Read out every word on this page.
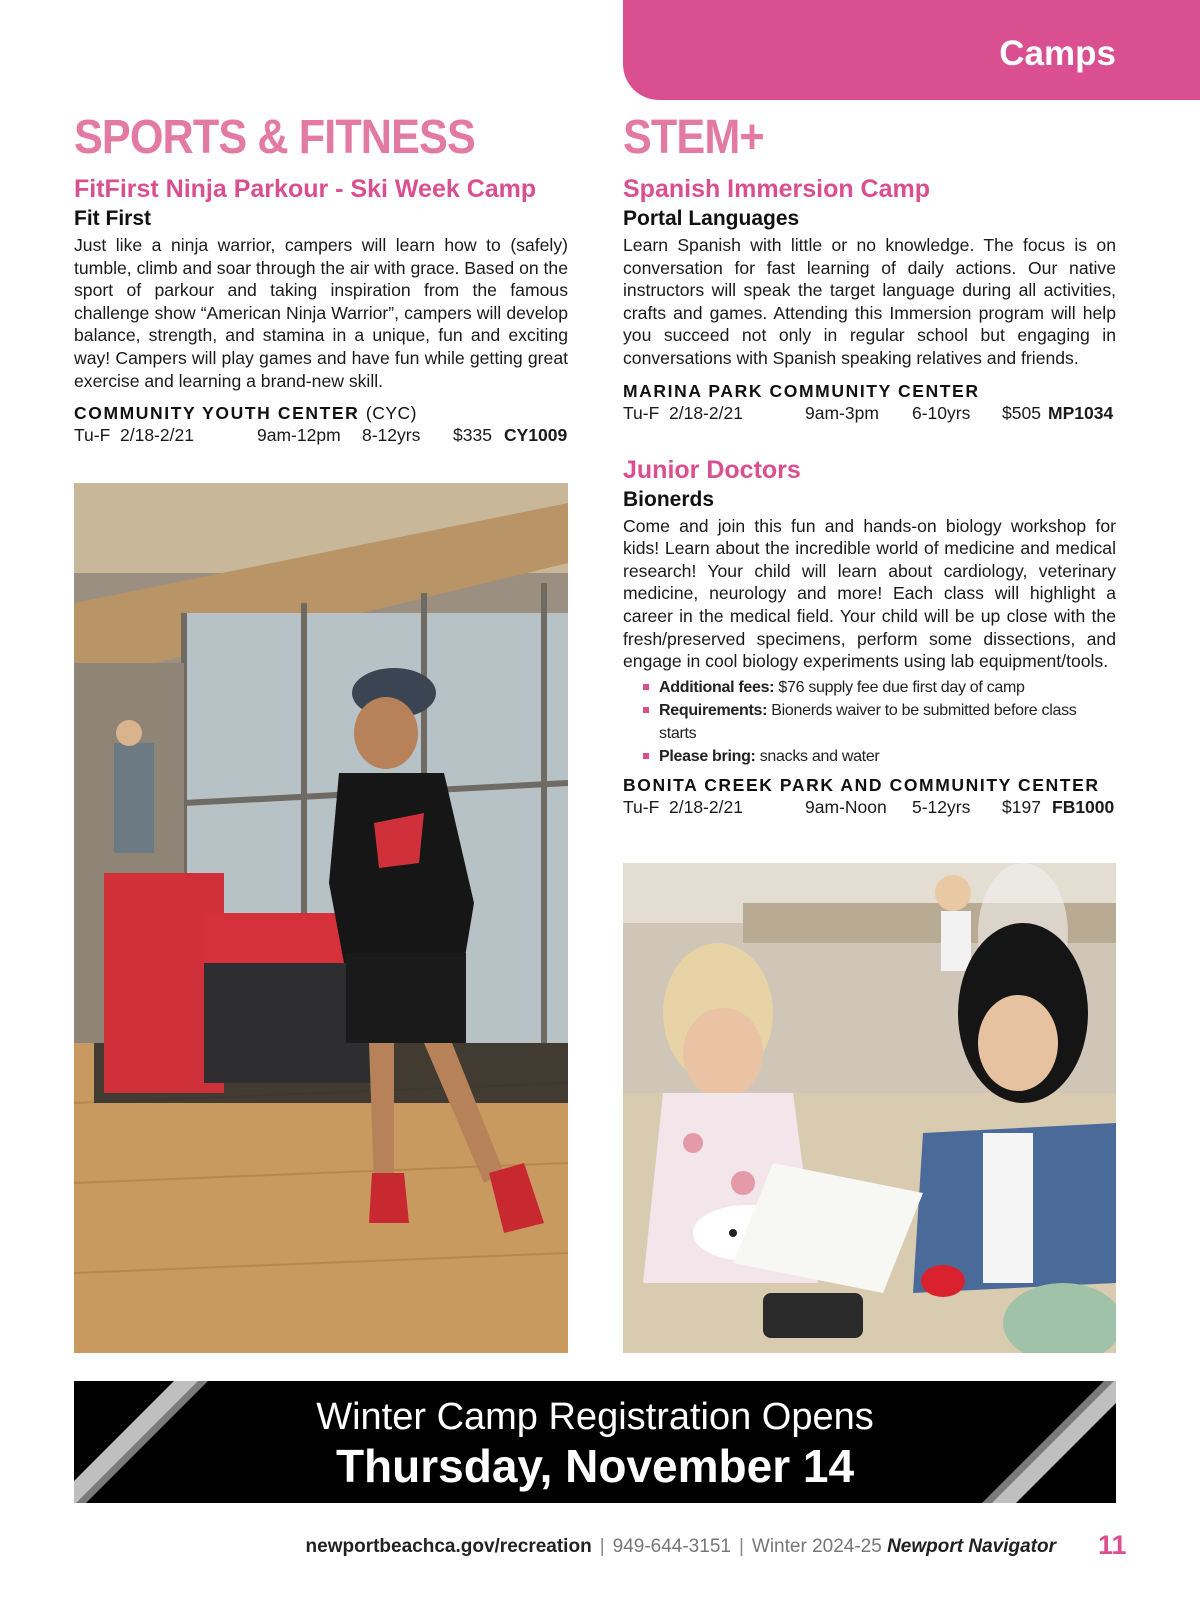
Camps
SPORTS & FITNESS
FitFirst Ninja Parkour - Ski Week Camp
Fit First
Just like a ninja warrior, campers will learn how to (safely) tumble, climb and soar through the air with grace. Based on the sport of parkour and taking inspiration from the famous challenge show “American Ninja Warrior”, campers will develop balance, strength, and stamina in a unique, fun and exciting way! Campers will play games and have fun while getting great exercise and learning a brand-new skill.
COMMUNITY YOUTH CENTER (CYC)
Tu-F 2/18-2/21	9am-12pm 8-12yrs $335 CY1009
STEM+
Spanish Immersion Camp
Portal Languages
Learn Spanish with little or no knowledge. The focus is on conversation for fast learning of daily actions. Our native instructors will speak the target language during all activities, crafts and games. Attending this Immersion program will help you succeed not only in regular school but engaging in conversations with Spanish speaking relatives and friends.
MARINA PARK COMMUNITY CENTER
Tu-F 2/18-2/21	9am-3pm 6-10yrs $505 MP1034
Junior Doctors
Bionerds
Come and join this fun and hands-on biology workshop for kids! Learn about the incredible world of medicine and medical research! Your child will learn about cardiology, veterinary medicine, neurology and more! Each class will highlight a career in the medical field. Your child will be up close with the fresh/preserved specimens, perform some dissections, and engage in cool biology experiments using lab equipment/tools.
Additional fees: $76 supply fee due first day of camp
Requirements: Bionerds waiver to be submitted before class starts
Please bring: snacks and water
BONITA CREEK PARK AND COMMUNITY CENTER
Tu-F 2/18-2/21	9am-Noon 5-12yrs $197 FB1000
Winter Camp Registration Opens
Thursday, November 14
newportbeachca.gov/recreation | 949-644-3151 | Winter 2024-25 Newport Navigator 11
